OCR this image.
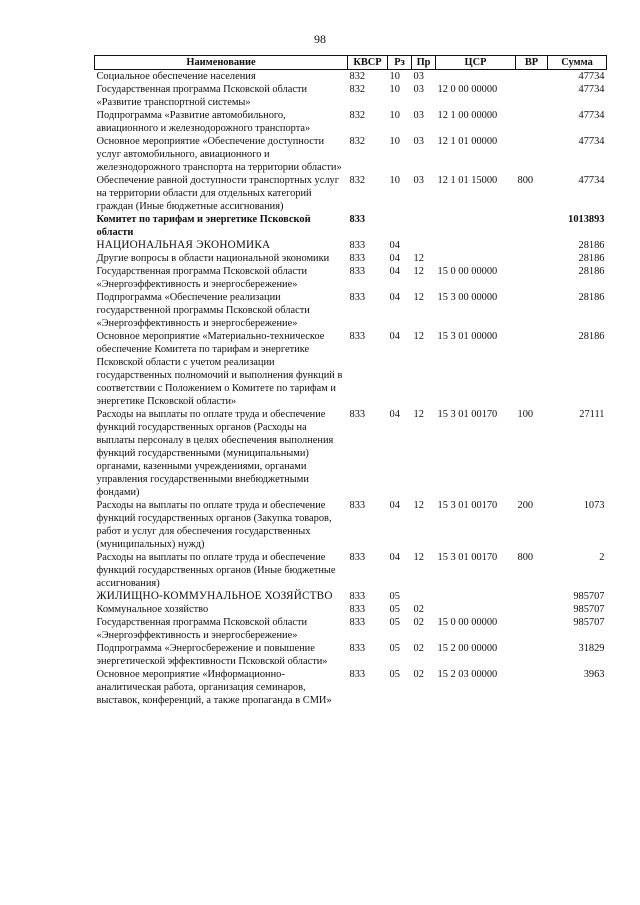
98
Наименование	КВСР	Рз	Пр	ЦСР	ВР	Сумма
Социальное обеспечение населения	832	10	03			47734
Государственная программа Псковской области «Развитие транспортной системы»	832	10	03	12 0 00 00000		47734
Подпрограмма «Развитие автомобильного, авиационного и железнодорожного транспорта»	832	10	03	12 1 00 00000		47734
Основное мероприятие «Обеспечение доступности услуг автомобильного, авиационного и железнодорожного транспорта на территории области»	832	10	03	12 1 01 00000		47734
Обеспечение равной доступности транспортных услуг на территории области для отдельных категорий граждан (Иные бюджетные ассигнования)	832	10	03	12 1 01 15000	800	47734
Комитет по тарифам и энергетике Псковской области	833					1013893
НАЦИОНАЛЬНАЯ ЭКОНОМИКА	833	04				28186
Другие вопросы в области национальной экономики	833	04	12			28186
Государственная программа Псковской области «Энергоэффективность и энергосбережение»	833	04	12	15 0 00 00000		28186
Подпрограмма «Обеспечение реализации государственной программы Псковской области «Энергоэффективность и энергосбережение»	833	04	12	15 3 00 00000		28186
Основное мероприятие «Материально-техническое обеспечение Комитета по тарифам и энергетике Псковской области с учетом реализации государственных полномочий и выполнения функций в соответствии с Положением о Комитете по тарифам и энергетике Псковской области»	833	04	12	15 3 01 00000		28186
Расходы на выплаты по оплате труда и обеспечение функций государственных органов (Расходы на выплаты персоналу в целях обеспечения выполнения функций государственными (муниципальными) органами, казенными учреждениями, органами управления государственными внебюджетными фондами)	833	04	12	15 3 01 00170	100	27111
Расходы на выплаты по оплате труда и обеспечение функций государственных органов (Закупка товаров, работ и услуг для обеспечения государственных (муниципальных) нужд)	833	04	12	15 3 01 00170	200	1073
Расходы на выплаты по оплате труда и обеспечение функций государственных органов (Иные бюджетные ассигнования)	833	04	12	15 3 01 00170	800	2
ЖИЛИЩНО-КОММУНАЛЬНОЕ ХОЗЯЙСТВО	833	05				985707
Коммунальное хозяйство	833	05	02			985707
Государственная программа Псковской области «Энергоэффективность и энергосбережение»	833	05	02	15 0 00 00000		985707
Подпрограмма «Энергосбережение и повышение энергетической эффективности Псковской области»	833	05	02	15 2 00 00000		31829
Основное мероприятие «Информационно-аналитическая работа, организация семинаров, выставок, конференций, а также пропаганда в СМИ»	833	05	02	15 2 03 00000		3963
